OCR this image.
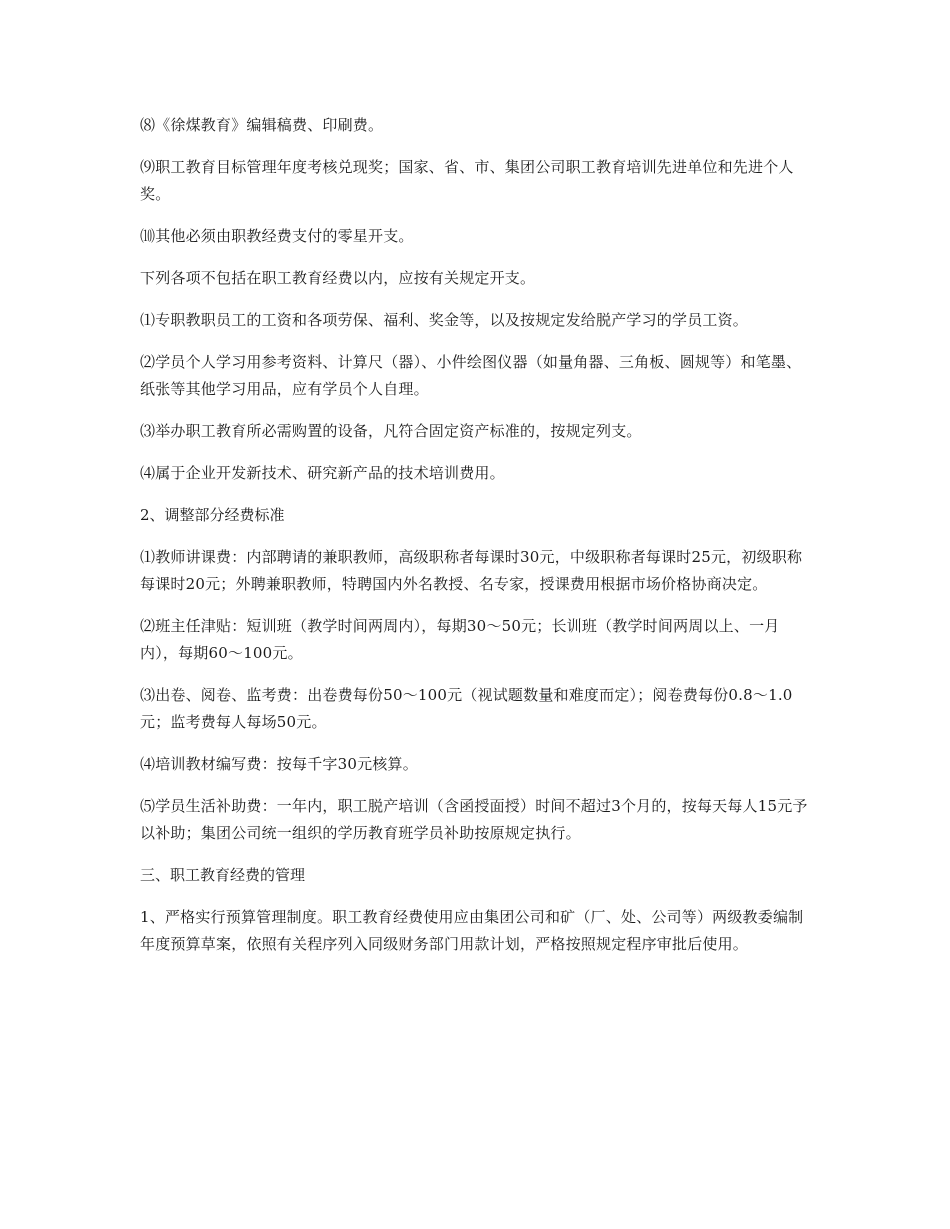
⑻《徐煤教育》编辑稿费、印刷费。

⑼职工教育目标管理年度考核兑现奖；国家、省、市、集团公司职工教育培训先进单位和先进个人奖。

⑽其他必须由职教经费支付的零星开支。

下列各项不包括在职工教育经费以内，应按有关规定开支。

⑴专职教职员工的工资和各项劳保、福利、奖金等，以及按规定发给脱产学习的学员工资。

⑵学员个人学习用参考资料、计算尺（器）、小件绘图仪器（如量角器、三角板、圆规等）和笔墨、纸张等其他学习用品，应有学员个人自理。

⑶举办职工教育所必需购置的设备，凡符合固定资产标准的，按规定列支。

⑷属于企业开发新技术、研究新产品的技术培训费用。

2、调整部分经费标准

⑴教师讲课费：内部聘请的兼职教师，高级职称者每课时30元，中级职称者每课时25元，初级职称每课时20元；外聘兼职教师，特聘国内外名教授、名专家，授课费用根据市场价格协商决定。

⑵班主任津贴：短训班（教学时间两周内），每期30～50元；长训班（教学时间两周以上、一月内），每期60～100元。

⑶出卷、阅卷、监考费：出卷费每份50～100元（视试题数量和难度而定）；阅卷费每份0.8～1.0元；监考费每人每场50元。

⑷培训教材编写费：按每千字30元核算。

⑸学员生活补助费：一年内，职工脱产培训（含函授面授）时间不超过3个月的，按每天每人15元予以补助；集团公司统一组织的学历教育班学员补助按原规定执行。

三、职工教育经费的管理

1、严格实行预算管理制度。职工教育经费使用应由集团公司和矿（厂、处、公司等）两级教委编制年度预算草案，依照有关程序列入同级财务部门用款计划，严格按照规定程序审批后使用。
